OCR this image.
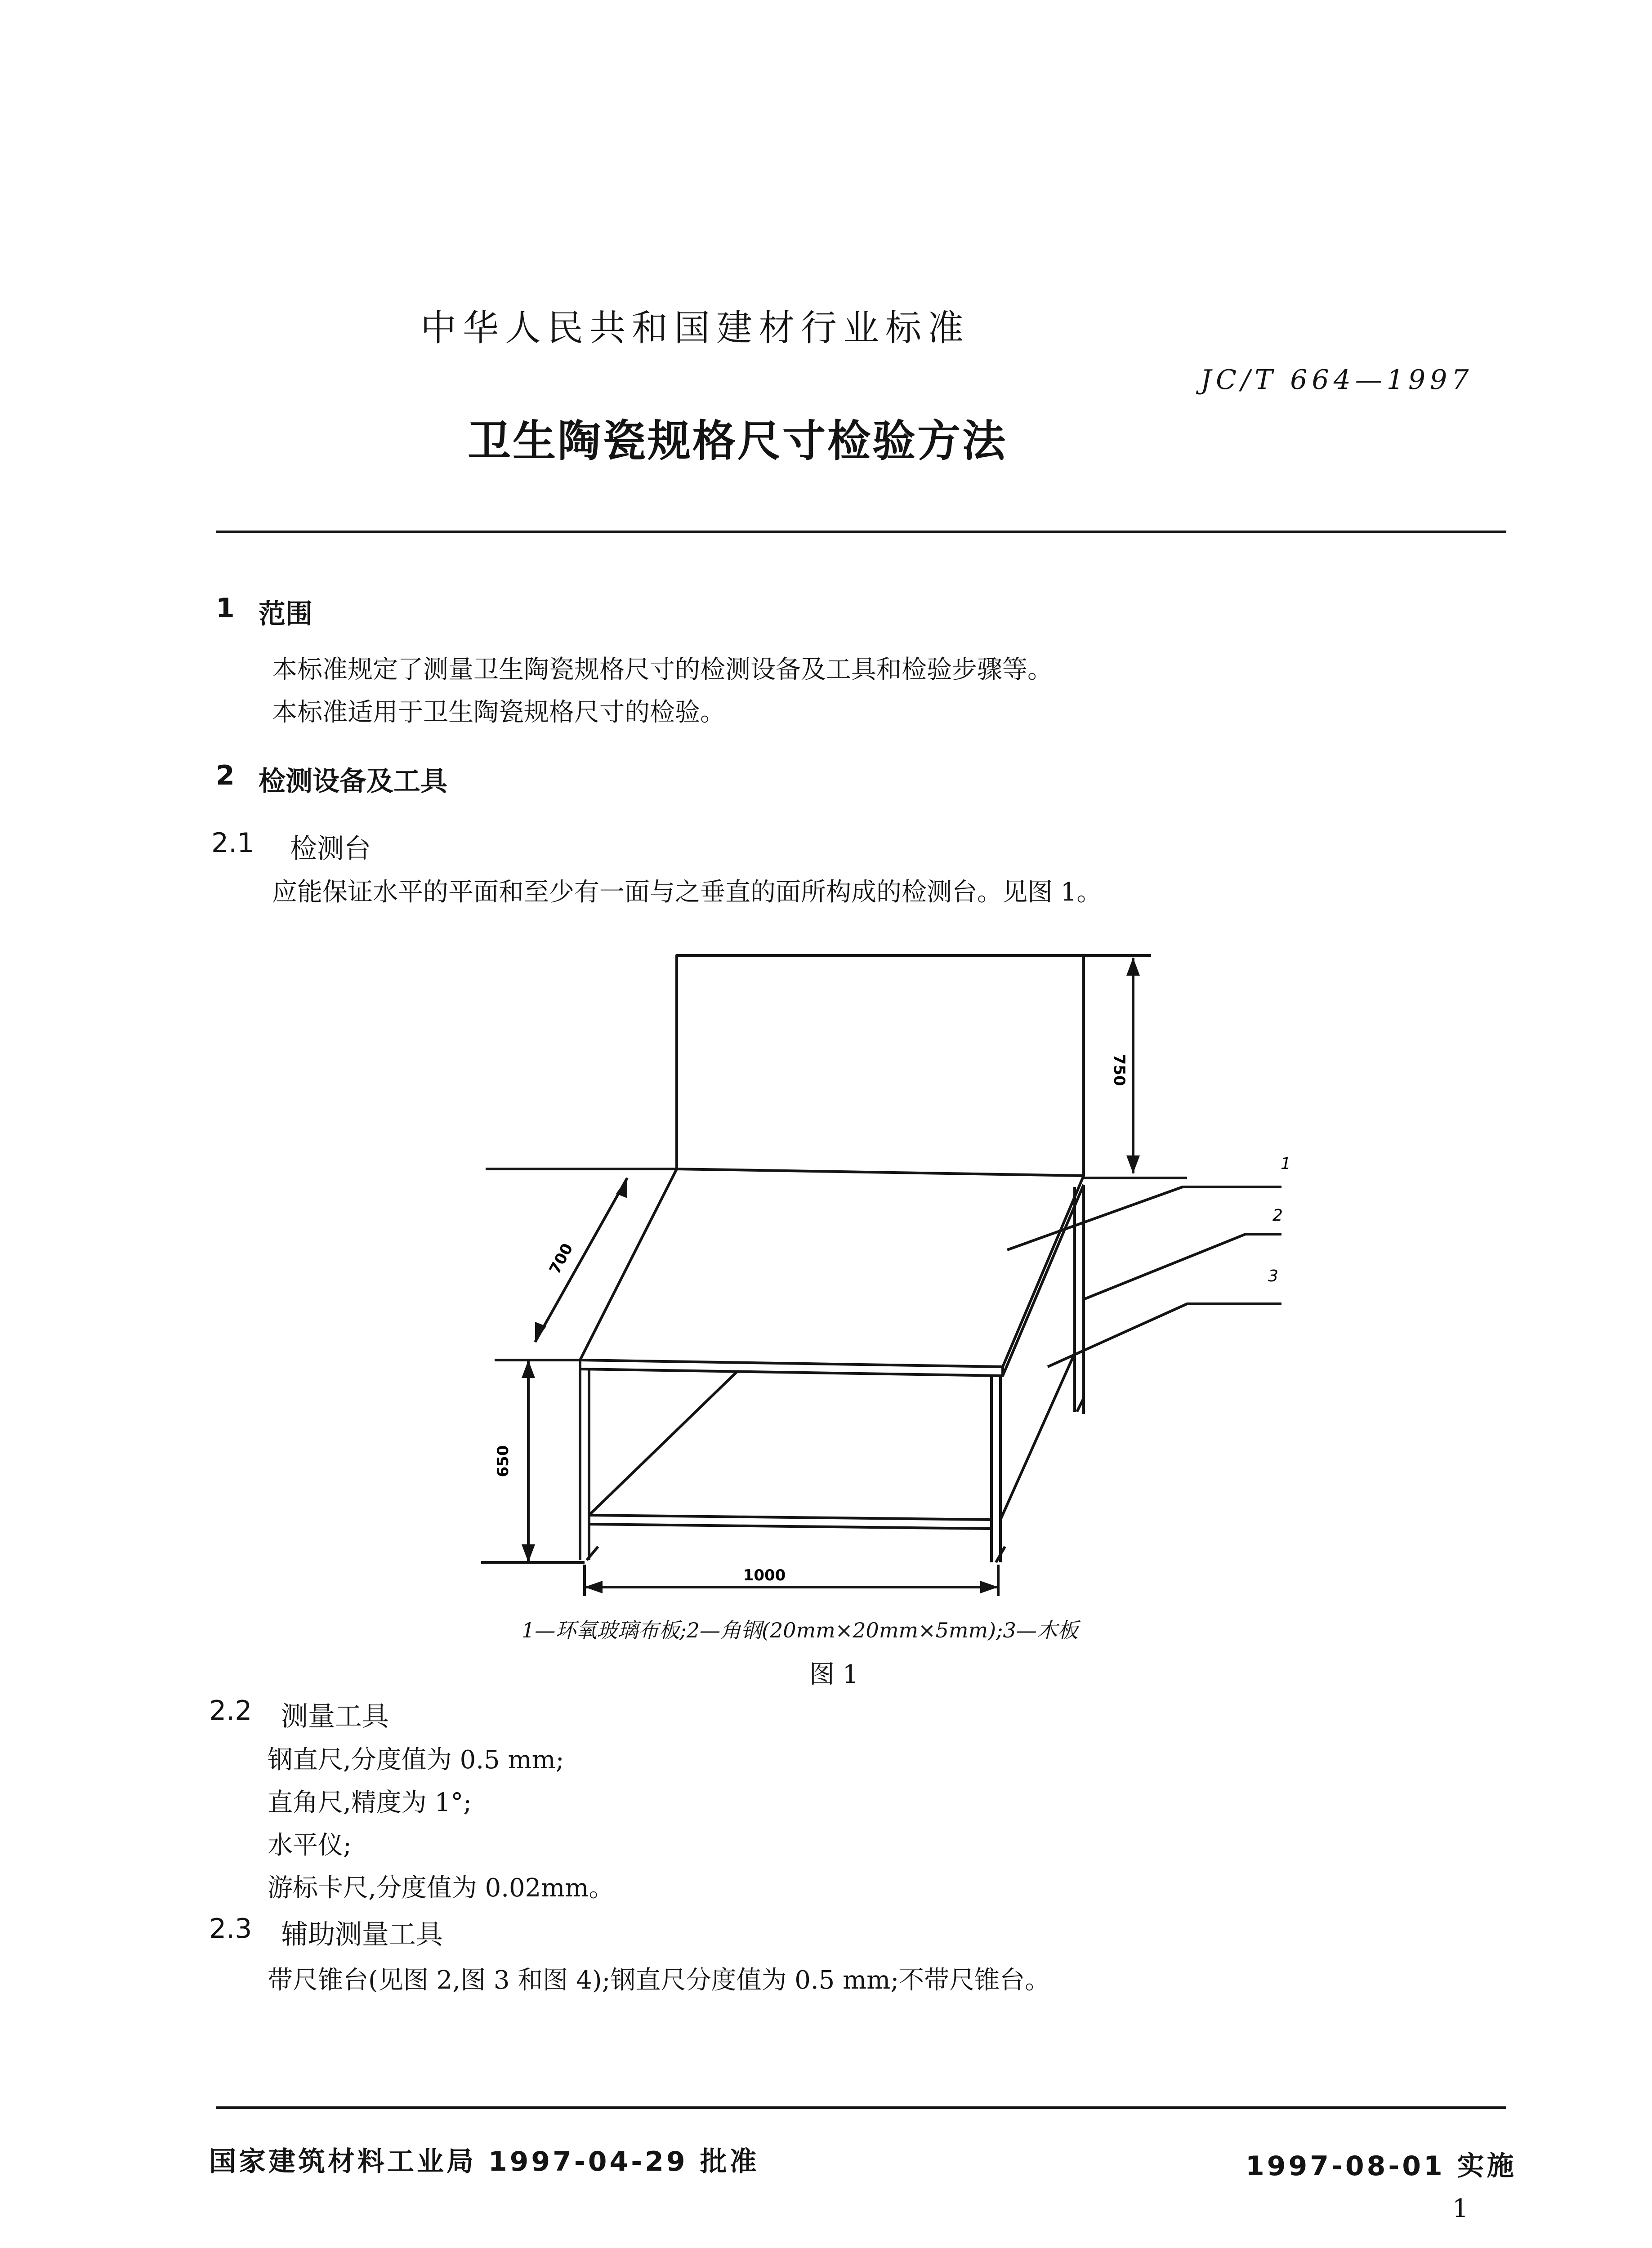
中华人民共和国建材行业标准
JC/T 664—1997
卫生陶瓷规格尺寸检验方法
1 范围
本标准规定了测量卫生陶瓷规格尺寸的检测设备及工具和检验步骤等。
本标准适用于卫生陶瓷规格尺寸的检验。
2 检测设备及工具
2.1 检测台
应能保证水平的平面和至少有一面与之垂直的面所构成的检测台。见图 1。
750
700
650
1000
1
2
3
1—环氧玻璃布板;2—角钢(20mm×20mm×5mm);3—木板
图 1
2.2 测量工具
钢直尺,分度值为 0.5 mm;
直角尺,精度为 1°;
水平仪;
游标卡尺,分度值为 0.02mm。
2.3 辅助测量工具
带尺锥台(见图 2,图 3 和图 4);钢直尺分度值为 0.5 mm;不带尺锥台。
国家建筑材料工业局 1997-04-29 批准	1997-08-01 实施
1
